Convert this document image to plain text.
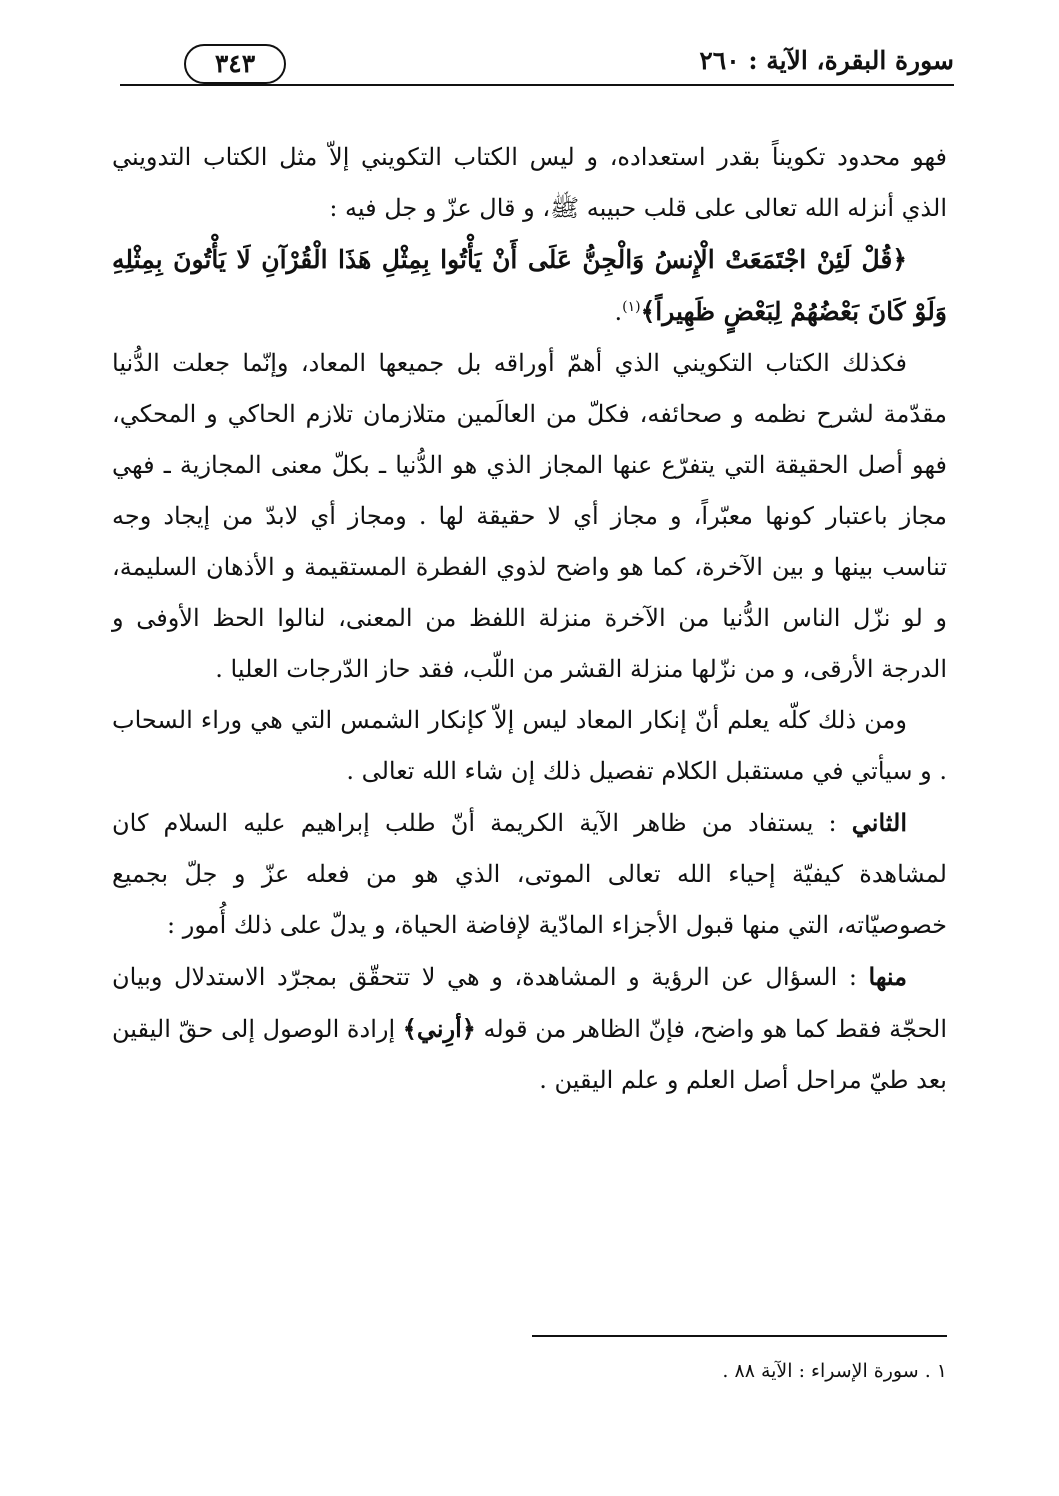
سورة البقرة، الآية : ٢٦٠
٣٤٣

فهو محدود تكويناً بقدر استعداده، و ليس الكتاب التكويني إلاّ مثل الكتاب التدويني الذي أنزله الله تعالى على قلب حبيبه ﷺ، و قال عزّ و جل فيه :

﴿قُلْ لَئِنْ اجْتَمَعَتْ الْإِنسُ وَالْجِنُّ عَلَى أَنْ يَأْتُوا بِمِثْلِ هَذَا الْقُرْآنِ لَا يَأْتُونَ بِمِثْلِهِ وَلَوْ كَانَ بَعْضُهُمْ لِبَعْضٍ ظَهِيراً﴾$^{(١)}$.

فكذلك الكتاب التكويني الذي أهمّ أوراقه بل جميعها المعاد، وإنّما جعلت الدُّنيا مقدّمة لشرح نظمه و صحائفه، فكلّ من العالَمين متلازمان تلازم الحاكي و المحكي، فهو أصل الحقيقة التي يتفرّع عنها المجاز الذي هو الدُّنيا ـ بكلّ معنى المجازية ـ فهي مجاز باعتبار كونها معبّراً، و مجاز أي لا حقيقة لها . ومجاز أي لابدّ من إيجاد وجه تناسب بينها و بين الآخرة، كما هو واضح لذوي الفطرة المستقيمة و الأذهان السليمة، و لو نزّل الناس الدُّنيا من الآخرة منزلة اللفظ من المعنى، لنالوا الحظ الأوفى و الدرجة الأرقى، و من نزّلها منزلة القشر من اللّب، فقد حاز الدّرجات العليا .

ومن ذلك كلّه يعلم أنّ إنكار المعاد ليس إلاّ كإنكار الشمس التي هي وراء السحاب . و سيأتي في مستقبل الكلام تفصيل ذلك إن شاء الله تعالى .

الثاني : يستفاد من ظاهر الآية الكريمة أنّ طلب إبراهيم عليه السلام كان لمشاهدة كيفيّة إحياء الله تعالى الموتى، الذي هو من فعله عزّ و جلّ بجميع خصوصيّاته، التي منها قبول الأجزاء المادّية لإفاضة الحياة، و يدلّ على ذلك أُمور :

منها : السؤال عن الرؤية و المشاهدة، و هي لا تتحقّق بمجرّد الاستدلال وبيان الحجّة فقط كما هو واضح، فإنّ الظاهر من قوله ﴿أرِني﴾ إرادة الوصول إلى حقّ اليقين بعد طيّ مراحل أصل العلم و علم اليقين .

١ . سورة الإسراء : الآية ٨٨ .
